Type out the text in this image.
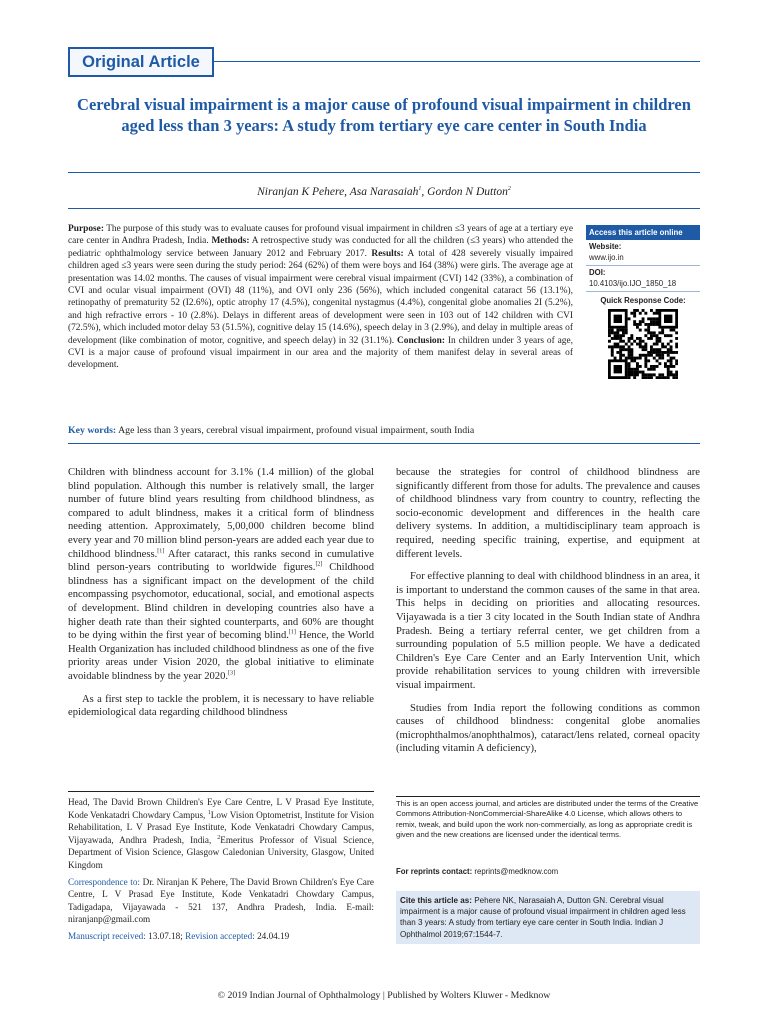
Original Article
Cerebral visual impairment is a major cause of profound visual impairment in children aged less than 3 years: A study from tertiary eye care center in South India
Niranjan K Pehere, Asa Narasaiah$^1$, Gordon N Dutton$^2$

Purpose: The purpose of this study was to evaluate causes for profound visual impairment in children ≤3 years of age at a tertiary eye care center in Andhra Pradesh, India. Methods: A retrospective study was conducted for all the children (≤3 years) who attended the pediatric ophthalmology service between January 2012 and February 2017. Results: A total of 428 severely visually impaired children aged ≤3 years were seen during the study period: 264 (62%) of them were boys and I64 (38%) were girls. The average age at presentation was 14.02 months. The causes of visual impairment were cerebral visual impairment (CVI) 142 (33%), a combination of CVI and ocular visual impairment (OVI) 48 (11%), and OVI only 236 (56%), which included congenital cataract 56 (13.1%), retinopathy of prematurity 52 (I2.6%), optic atrophy 17 (4.5%), congenital nystagmus (4.4%), congenital globe anomalies 2I (5.2%), and high refractive errors - 10 (2.8%). Delays in different areas of development were seen in 103 out of 142 children with CVI (72.5%), which included motor delay 53 (51.5%), cognitive delay 15 (14.6%), speech delay in 3 (2.9%), and delay in multiple areas of development (like combination of motor, cognitive, and speech delay) in 32 (31.1%). Conclusion: In children under 3 years of age, CVI is a major cause of profound visual impairment in our area and the majority of them manifest delay in several areas of development.

Access this article online
Website:
www.ijo.in
DOI:
10.4103/ijo.IJO_1850_18
Quick Response Code:
Key words: Age less than 3 years, cerebral visual impairment, profound visual impairment, south India

Children with blindness account for 3.1% (1.4 million) of the global blind population. Although this number is relatively small, the larger number of future blind years resulting from childhood blindness, as compared to adult blindness, makes it a critical form of blindness needing attention. Approximately, 5,00,000 children become blind every year and 70 million blind person-years are added each year due to childhood blindness.[1] After cataract, this ranks second in cumulative blind person-years contributing to worldwide figures.[2] Childhood blindness has a significant impact on the development of the child encompassing psychomotor, educational, social, and emotional aspects of development. Blind children in developing countries also have a higher death rate than their sighted counterparts, and 60% are thought to be dying within the first year of becoming blind.[1] Hence, the World Health Organization has included childhood blindness as one of the five priority areas under Vision 2020, the global initiative to eliminate avoidable blindness by the year 2020.[3]

As a first step to tackle the problem, it is necessary to have reliable epidemiological data regarding childhood blindness

because the strategies for control of childhood blindness are significantly different from those for adults. The prevalence and causes of childhood blindness vary from country to country, reflecting the socio-economic development and differences in the health care delivery systems. In addition, a multidisciplinary team approach is required, needing specific training, expertise, and equipment at different levels.

For effective planning to deal with childhood blindness in an area, it is important to understand the common causes of the same in that area. This helps in deciding on priorities and allocating resources. Vijayawada is a tier 3 city located in the South Indian state of Andhra Pradesh. Being a tertiary referral center, we get children from a surrounding population of 5.5 million people. We have a dedicated Children's Eye Care Center and an Early Intervention Unit, which provide rehabilitation services to young children with irreversible visual impairment.

Studies from India report the following conditions as common causes of childhood blindness: congenital globe anomalies (microphthalmos/anophthalmos), cataract/lens related, corneal opacity (including vitamin A deficiency),

Head, The David Brown Children's Eye Care Centre, L V Prasad Eye Institute, Kode Venkatadri Chowdary Campus, $^1$Low Vision Optometrist, Institute for Vision Rehabilitation, L V Prasad Eye Institute, Kode Venkatadri Chowdary Campus, Vijayawada, Andhra Pradesh, India, $^2$Emeritus Professor of Visual Science, Department of Vision Science, Glasgow Caledonian University, Glasgow, United Kingdom
Correspondence to: Dr. Niranjan K Pehere, The David Brown Children's Eye Care Centre, L V Prasad Eye Institute, Kode Venkatadri Chowdary Campus, Tadigadapa, Vijayawada - 521 137, Andhra Pradesh, India. E-mail: niranjanp@gmail.com
Manuscript received: 13.07.18; Revision accepted: 24.04.19
This is an open access journal, and articles are distributed under the terms of the Creative Commons Attribution-NonCommercial-ShareAlike 4.0 License, which allows others to remix, tweak, and build upon the work non-commercially, as long as appropriate credit is given and the new creations are licensed under the identical terms.
For reprints contact: reprints@medknow.com
Cite this article as: Pehere NK, Narasaiah A, Dutton GN. Cerebral visual impairment is a major cause of profound visual impairment in children aged less than 3 years: A study from tertiary eye care center in South India. Indian J Ophthalmol 2019;67:1544-7.
© 2019 Indian Journal of Ophthalmology | Published by Wolters Kluwer - Medknow
